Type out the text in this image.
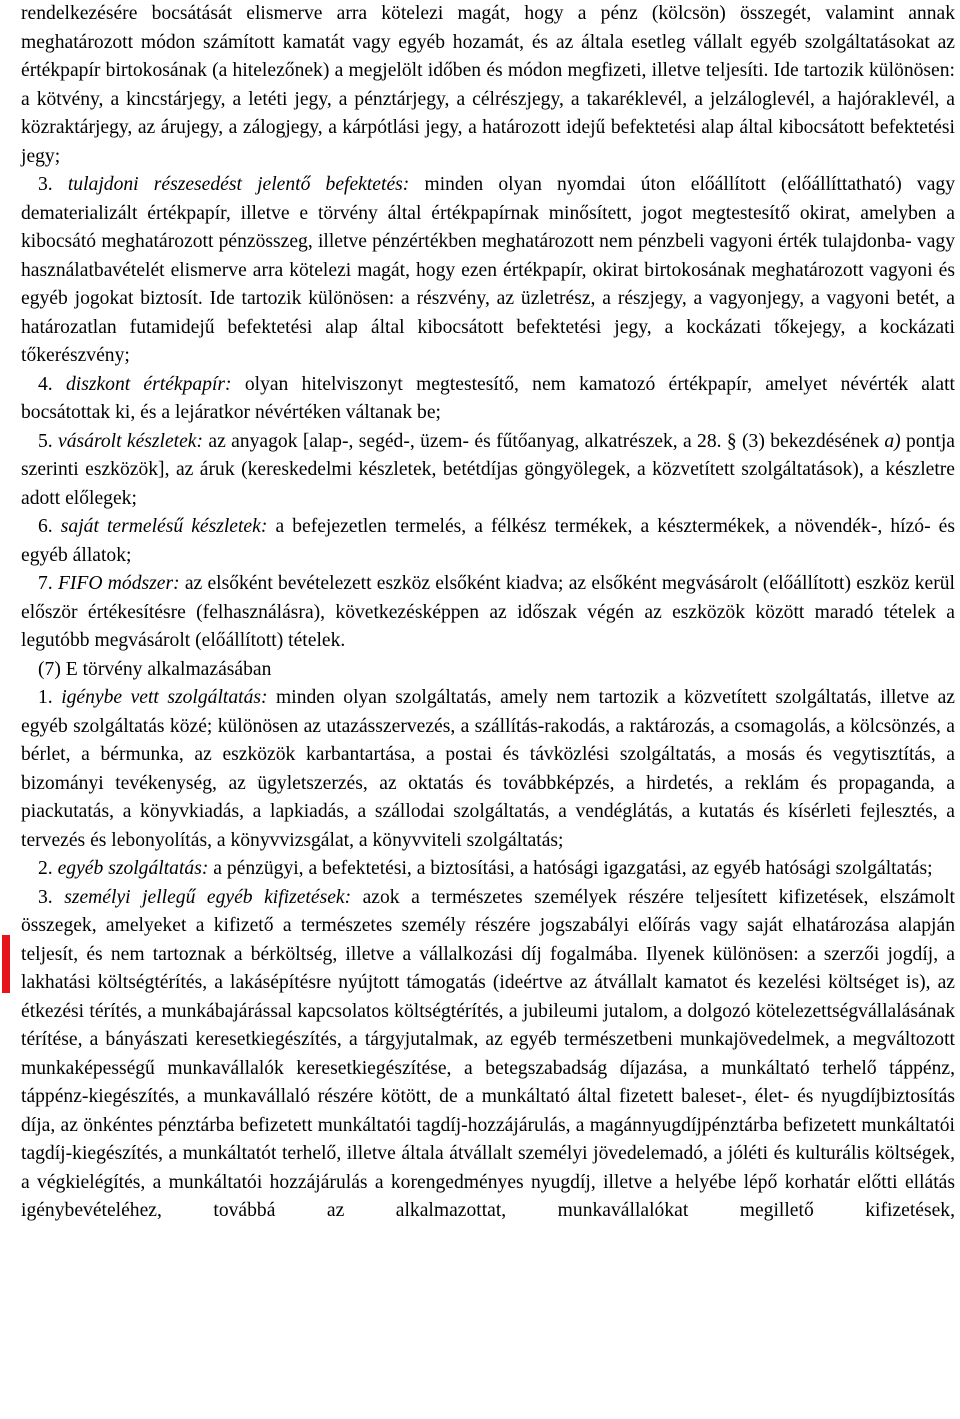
rendelkezésére bocsátását elismerve arra kötelezi magát, hogy a pénz (kölcsön) összegét, valamint annak meghatározott módon számított kamatát vagy egyéb hozamát, és az általa esetleg vállalt egyéb szolgáltatásokat az értékpapír birtokosának (a hitelezőnek) a megjelölt időben és módon megfizeti, illetve teljesíti. Ide tartozik különösen: a kötvény, a kincstárjegy, a letéti jegy, a pénztárjegy, a célrészjegy, a takaréklevél, a jelzáloglevél, a hajóraklevél, a közraktárjegy, az árujegy, a zálogjegy, a kárpótlási jegy, a határozott idejű befektetési alap által kibocsátott befektetési jegy;

3. tulajdoni részesedést jelentő befektetés: minden olyan nyomdai úton előállított (előállíttatható) vagy dematerializált értékpapír, illetve e törvény által értékpapírnak minősített, jogot megtestesítő okirat, amelyben a kibocsátó meghatározott pénzösszeg, illetve pénzértékben meghatározott nem pénzbeli vagyoni érték tulajdonba- vagy használatbavételét elismerve arra kötelezi magát, hogy ezen értékpapír, okirat birtokosának meghatározott vagyoni és egyéb jogokat biztosít. Ide tartozik különösen: a részvény, az üzletrész, a részjegy, a vagyonjegy, a vagyoni betét, a határozatlan futamidejű befektetési alap által kibocsátott befektetési jegy, a kockázati tőkejegy, a kockázati tőkerészvény;

4. diszkont értékpapír: olyan hitelviszonyt megtestesítő, nem kamatozó értékpapír, amelyet névérték alatt bocsátottak ki, és a lejáratkor névértéken váltanak be;

5. vásárolt készletek: az anyagok [alap-, segéd-, üzem- és fűtőanyag, alkatrészek, a 28. § (3) bekezdésének a) pontja szerinti eszközök], az áruk (kereskedelmi készletek, betétdíjas göngyölegek, a közvetített szolgáltatások), a készletre adott előlegek;

6. saját termelésű készletek: a befejezetlen termelés, a félkész termékek, a késztermékek, a növendék-, hízó- és egyéb állatok;

7. FIFO módszer: az elsőként bevételezett eszköz elsőként kiadva; az elsőként megvásárolt (előállított) eszköz kerül először értékesítésre (felhasználásra), következésképpen az időszak végén az eszközök között maradó tételek a legutóbb megvásárolt (előállított) tételek.

(7) E törvény alkalmazásában

1. igénybe vett szolgáltatás: minden olyan szolgáltatás, amely nem tartozik a közvetített szolgáltatás, illetve az egyéb szolgáltatás közé; különösen az utazásszervezés, a szállítás-rakodás, a raktározás, a csomagolás, a kölcsönzés, a bérlet, a bérmunka, az eszközök karbantartása, a postai és távközlési szolgáltatás, a mosás és vegytisztítás, a bizományi tevékenység, az ügyletszerzés, az oktatás és továbbképzés, a hirdetés, a reklám és propaganda, a piackutatás, a könyvkiadás, a lapkiadás, a szállodai szolgáltatás, a vendéglátás, a kutatás és kísérleti fejlesztés, a tervezés és lebonyolítás, a könyvvizsgálat, a könyvviteli szolgáltatás;

2. egyéb szolgáltatás: a pénzügyi, a befektetési, a biztosítási, a hatósági igazgatási, az egyéb hatósági szolgáltatás;

3. személyi jellegű egyéb kifizetések: azok a természetes személyek részére teljesített kifizetések, elszámolt összegek, amelyeket a kifizető a természetes személy részére jogszabályi előírás vagy saját elhatározása alapján teljesít, és nem tartoznak a bérköltség, illetve a vállalkozási díj fogalmába. Ilyenek különösen: a szerzői jogdíj, a lakhatási költségtérítés, a lakásépítésre nyújtott támogatás (ideértve az átvállalt kamatot és kezelési költséget is), az étkezési térítés, a munkábajárással kapcsolatos költségtérítés, a jubileumi jutalom, a dolgozó kötelezettségvállalásának térítése, a bányászati keresetkiegészítés, a tárgyjutalmak, az egyéb természetbeni munkajövedelmek, a megváltozott munkaképességű munkavállalók keresetkiegészítése, a betegszabadság díjazása, a munkáltató terhelő táppénz, táppénz-kiegészítés, a munkavállaló részére kötött, de a munkáltató által fizetett baleset-, élet- és nyugdíjbiztosítás díja, az önkéntes pénztárba befizetett munkáltatói tagdíj-hozzájárulás, a magánnyugdíjpénztárba befizetett munkáltatói tagdíj-kiegészítés, a munkáltatót terhelő, illetve általa átvállalt személyi jövedelemadó, a jóléti és kulturális költségek, a végkielégítés, a munkáltatói hozzájárulás a korengedményes nyugdíj, illetve a helyébe lépő korhatár előtti ellátás igénybevételéhez, továbbá az alkalmazottat, munkavállalókat megillető kifizetések,
